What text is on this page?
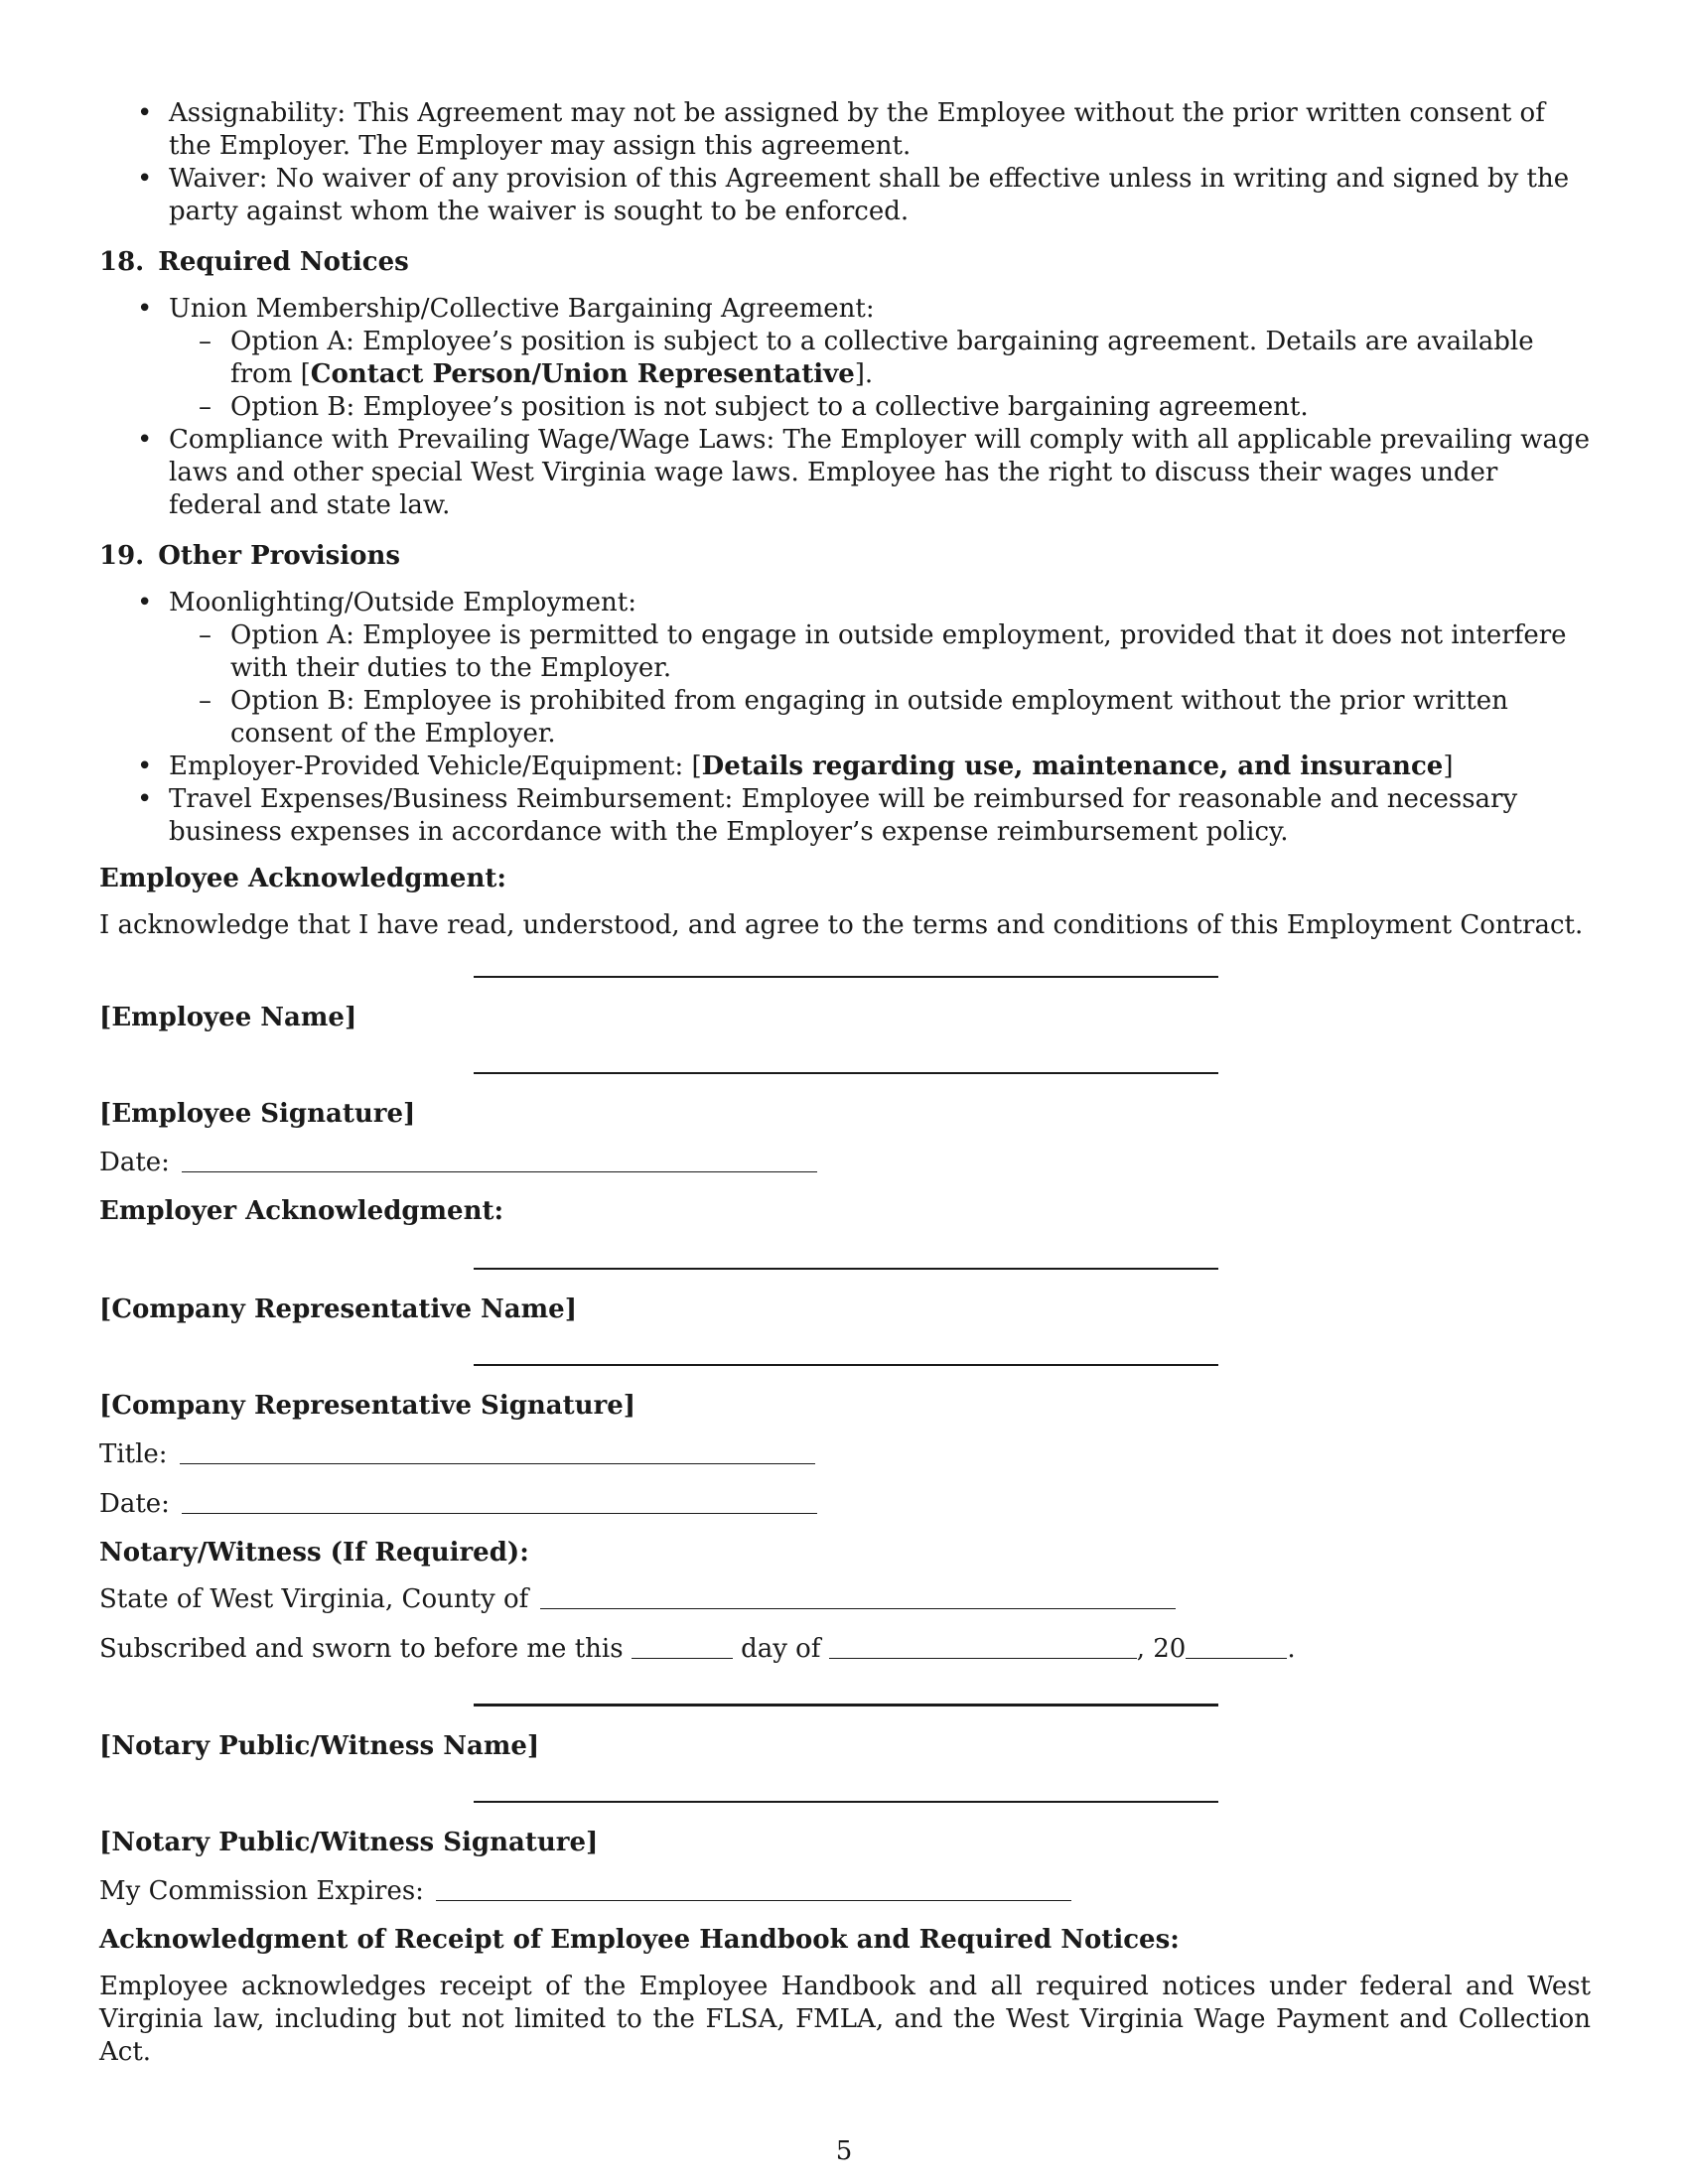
• Assignability: This Agreement may not be assigned by the Employee without the prior written consent of the Employer. The Employer may assign this agreement.
• Waiver: No waiver of any provision of this Agreement shall be effective unless in writing and signed by the party against whom the waiver is sought to be enforced.

18. Required Notices

• Union Membership/Collective Bargaining Agreement:
– Option A: Employee’s position is subject to a collective bargaining agreement. Details are available from [Contact Person/Union Representative].
– Option B: Employee’s position is not subject to a collective bargaining agreement.
• Compliance with Prevailing Wage/Wage Laws: The Employer will comply with all applicable prevailing wage laws and other special West Virginia wage laws. Employee has the right to discuss their wages under federal and state law.

19. Other Provisions

• Moonlighting/Outside Employment:
– Option A: Employee is permitted to engage in outside employment, provided that it does not interfere with their duties to the Employer.
– Option B: Employee is prohibited from engaging in outside employment without the prior written consent of the Employer.
• Employer-Provided Vehicle/Equipment: [Details regarding use, maintenance, and insurance]
• Travel Expenses/Business Reimbursement: Employee will be reimbursed for reasonable and necessary business expenses in accordance with the Employer’s expense reimbursement policy.

Employee Acknowledgment:

I acknowledge that I have read, understood, and agree to the terms and conditions of this Employment Contract.

[Employee Name]

[Employee Signature]

Date:

Employer Acknowledgment:

[Company Representative Name]

[Company Representative Signature]

Title:

Date:

Notary/Witness (If Required):

State of West Virginia, County of

Subscribed and sworn to before me this	day of	, 20	.

[Notary Public/Witness Name]

[Notary Public/Witness Signature]

My Commission Expires:

Acknowledgment of Receipt of Employee Handbook and Required Notices:

Employee acknowledges receipt of the Employee Handbook and all required notices under federal and West Virginia law, including but not limited to the FLSA, FMLA, and the West Virginia Wage Payment and Collection Act.

5
